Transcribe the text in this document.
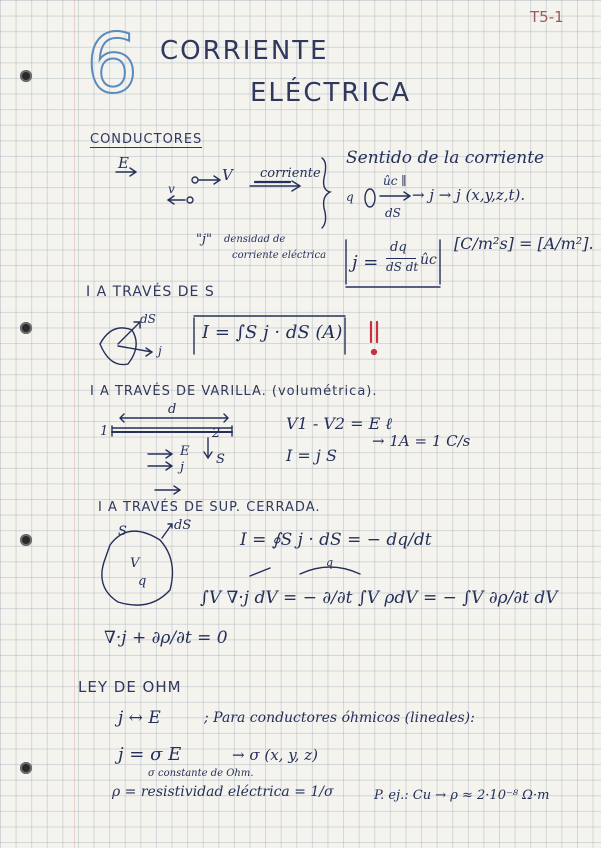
T5-1
6 CORRIENTE
ELÉCTRICA
CONDUCTORES
E
V
v
corriente
Sentido de la corriente
ûc ∥
q
dS
→ j → j (x,y,z,t).
"j" densidad de
corriente eléctrica j =
dq
dS dt ûc
[C/m²s] = [A/m²].
I A TRAVÉS DE S
dS
j
I = ∫S j · dS (A)
I A TRAVÉS DE VARILLA. (volumétrica).
d
1	2
E
j
S
V1 - V2 = E ℓ
I = j S
→ 1A = 1 C/s
I A TRAVÉS DE SUP. CERRADA.
S	dS
V
q
I = ∮S j · dS = − dq/dt
q
∫V ∇·j dV = − ∂/∂t ∫V ρdV = − ∫V ∂ρ/∂t dV
∇·j + ∂ρ/∂t = 0
LEY DE OHM
j ↔ E	; Para conductores óhmicos (lineales):
j = σ E	→ σ (x, y, z)
σ constante de Ohm.
ρ = resistividad eléctrica = 1/σ	P. ej.: Cu → ρ ≈ 2·10⁻⁸ Ω·m
